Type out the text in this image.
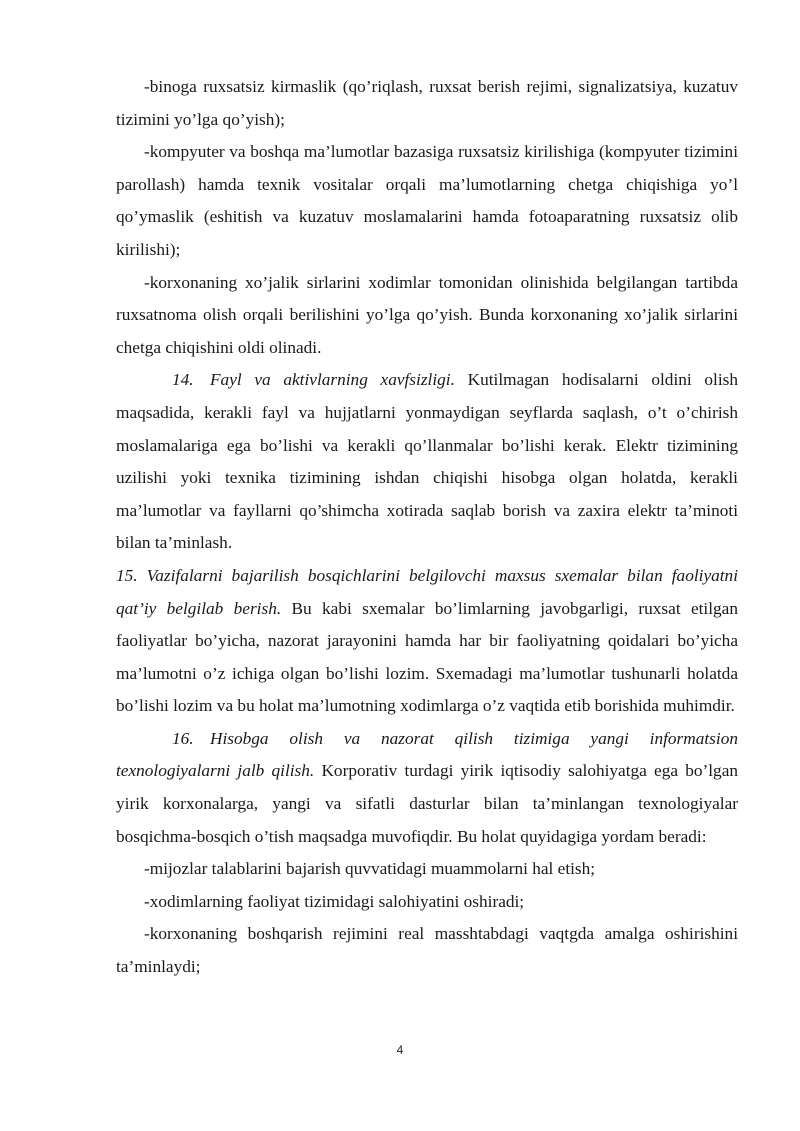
-binoga ruxsatsiz kirmaslik (qo’riqlash, ruxsat berish rejimi, signalizatsiya, kuzatuv tizimini yo’lga qo’yish);

-kompyuter va boshqa ma’lumotlar bazasiga ruxsatsiz kirilishiga (kompyuter tizimini parollash) hamda texnik vositalar orqali ma’lumotlarning chetga chiqishiga yo’l qo’ymaslik (eshitish va kuzatuv moslamalarini hamda fotoaparatning ruxsatsiz olib kirilishi);

-korxonaning xo’jalik sirlarini xodimlar tomonidan olinishida belgilangan tartibda ruxsatnoma olish orqali berilishini yo’lga qo’yish. Bunda korxonaning xo’jalik sirlarini chetga chiqishini oldi olinadi.

14. Fayl va aktivlarning xavfsizligi. Kutilmagan hodisalarni oldini olish maqsadida, kerakli fayl va hujjatlarni yonmaydigan seyflarda saqlash, o’t o’chirish moslamalariga ega bo’lishi va kerakli qo’llanmalar bo’lishi kerak. Elektr tizimining uzilishi yoki texnika tizimining ishdan chiqishi hisobga olgan holatda, kerakli ma’lumotlar va fayllarni qo’shimcha xotirada saqlab borish va zaxira elektr ta’minoti bilan ta’minlash.

15. Vazifalarni bajarilish bosqichlarini belgilovchi maxsus sxemalar bilan faoliyatni qat’iy belgilab berish. Bu kabi sxemalar bo’limlarning javobgarligi, ruxsat etilgan faoliyatlar bo’yicha, nazorat jarayonini hamda har bir faoliyatning qoidalari bo’yicha ma’lumotni o’z ichiga olgan bo’lishi lozim. Sxemadagi ma’lumotlar tushunarli holatda bo’lishi lozim va bu holat ma’lumotning xodimlarga o’z vaqtida etib borishida muhimdir.

16. Hisobga olish va nazorat qilish tizimiga yangi informatsion texnologiyalarni jalb qilish. Korporativ turdagi yirik iqtisodiy salohiyatga ega bo’lgan yirik korxonalarga, yangi va sifatli dasturlar bilan ta’minlangan texnologiyalar bosqichma-bosqich o’tish maqsadga muvofiqdir. Bu holat quyidagiga yordam beradi:

-mijozlar talablarini bajarish quvvatidagi muammolarni hal etish;

-xodimlarning faoliyat tizimidagi salohiyatini oshiradi;

-korxonaning boshqarish rejimini real masshtabdagi vaqtgda amalga oshirishini ta’minlaydi;

4
